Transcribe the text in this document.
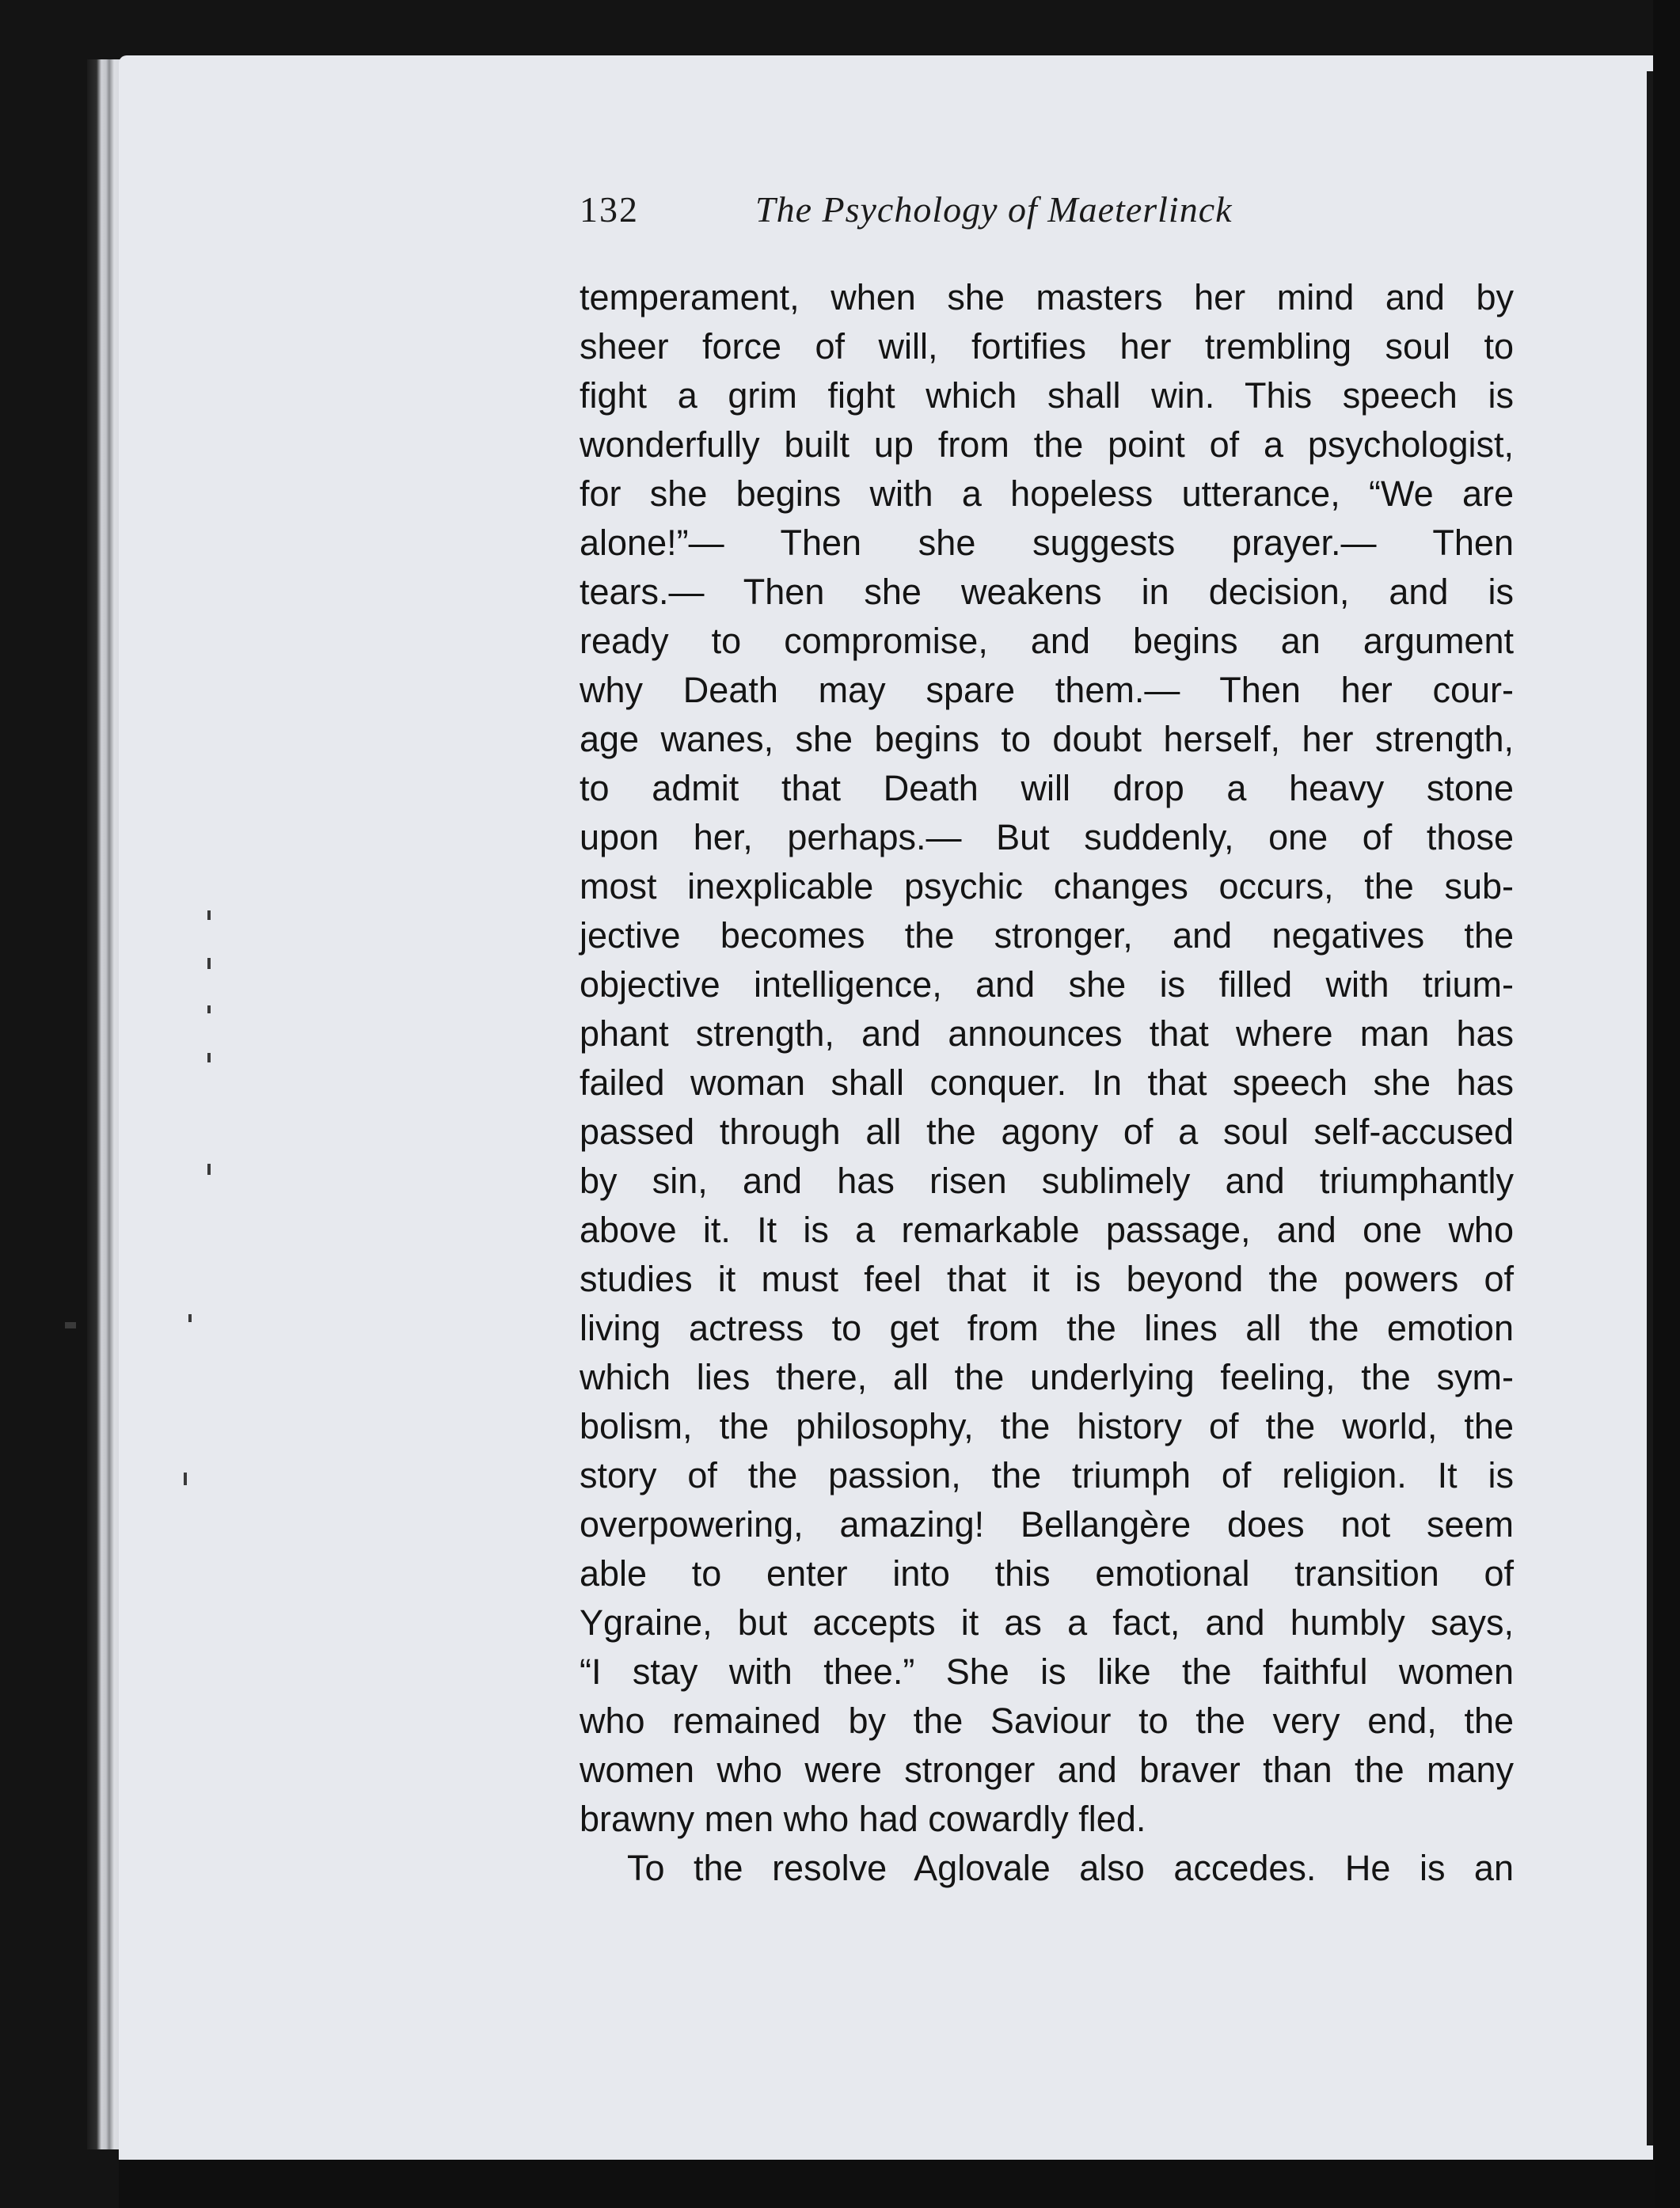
132	The Psychology of Maeterlinck
temperament, when she masters her mind and by
sheer force of will, fortifies her trembling soul to
fight a grim fight which shall win. This speech is
wonderfully built up from the point of a psychologist,
for she begins with a hopeless utterance, “We are
alone!”— Then she suggests prayer.— Then
tears.— Then she weakens in decision, and is
ready to compromise, and begins an argument
why Death may spare them.— Then her cour-
age wanes, she begins to doubt herself, her strength,
to admit that Death will drop a heavy stone
upon her, perhaps.— But suddenly, one of those
most inexplicable psychic changes occurs, the sub-
jective becomes the stronger, and negatives the
objective intelligence, and she is filled with trium-
phant strength, and announces that where man has
failed woman shall conquer. In that speech she has
passed through all the agony of a soul self-accused
by sin, and has risen sublimely and triumphantly
above it. It is a remarkable passage, and one who
studies it must feel that it is beyond the powers of
living actress to get from the lines all the emotion
which lies there, all the underlying feeling, the sym-
bolism, the philosophy, the history of the world, the
story of the passion, the triumph of religion. It is
overpowering, amazing! Bellangère does not seem
able to enter into this emotional transition of
Ygraine, but accepts it as a fact, and humbly says,
“I stay with thee.” She is like the faithful women
who remained by the Saviour to the very end, the
women who were stronger and braver than the many
brawny men who had cowardly fled.
To the resolve Aglovale also accedes. He is an
